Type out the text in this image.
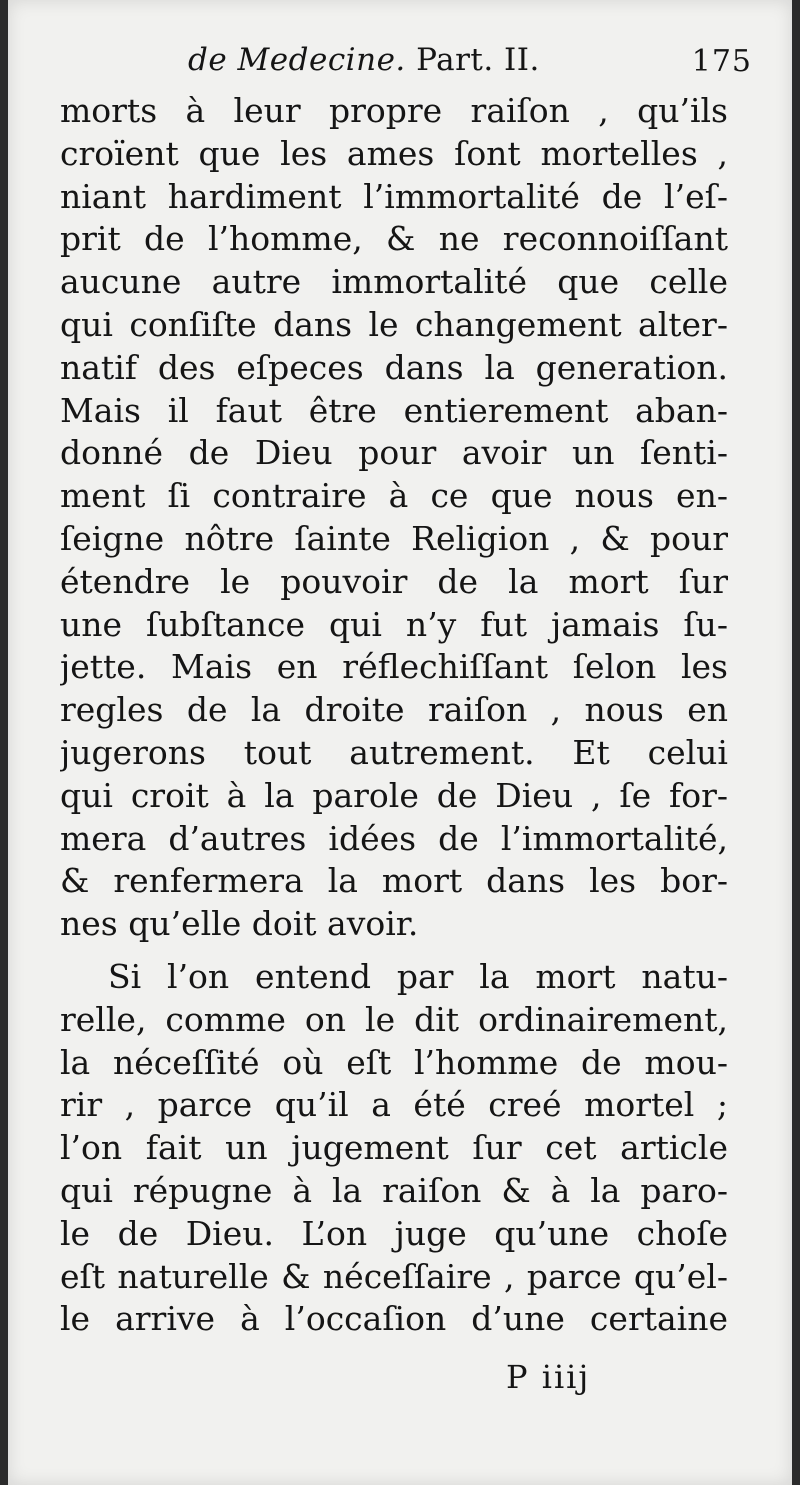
de Medecine. Part. II.	175
morts à leur propre raiſon , qu’ils
croïent que les ames ſont mortelles ,
niant hardiment l’immortalité de l’eſ-
prit de l’homme, & ne reconnoiſſant
aucune autre immortalité que celle
qui conſiſte dans le changement alter-
natif des eſpeces dans la generation.
Mais il faut être entierement aban-
donné de Dieu pour avoir un ſenti-
ment ſi contraire à ce que nous en-
ſeigne nôtre ſainte Religion , & pour
étendre le pouvoir de la mort ſur
une ſubſtance qui n’y fut jamais ſu-
jette. Mais en réflechiſſant ſelon les
regles de la droite raiſon , nous en
jugerons tout autrement. Et celui
qui croit à la parole de Dieu , ſe for-
mera d’autres idées de l’immortalité,
& renfermera la mort dans les bor-
nes qu’elle doit avoir.
Si l’on entend par la mort natu-
relle, comme on le dit ordinairement,
la néceſſité où eſt l’homme de mou-
rir , parce qu’il a été creé mortel ;
l’on fait un jugement ſur cet article
qui répugne à la raiſon & à la paro-
le de Dieu. L’on juge qu’une choſe
eſt naturelle & néceſſaire , parce qu’el-
le arrive à l’occaſion d’une certaine
P iiij
